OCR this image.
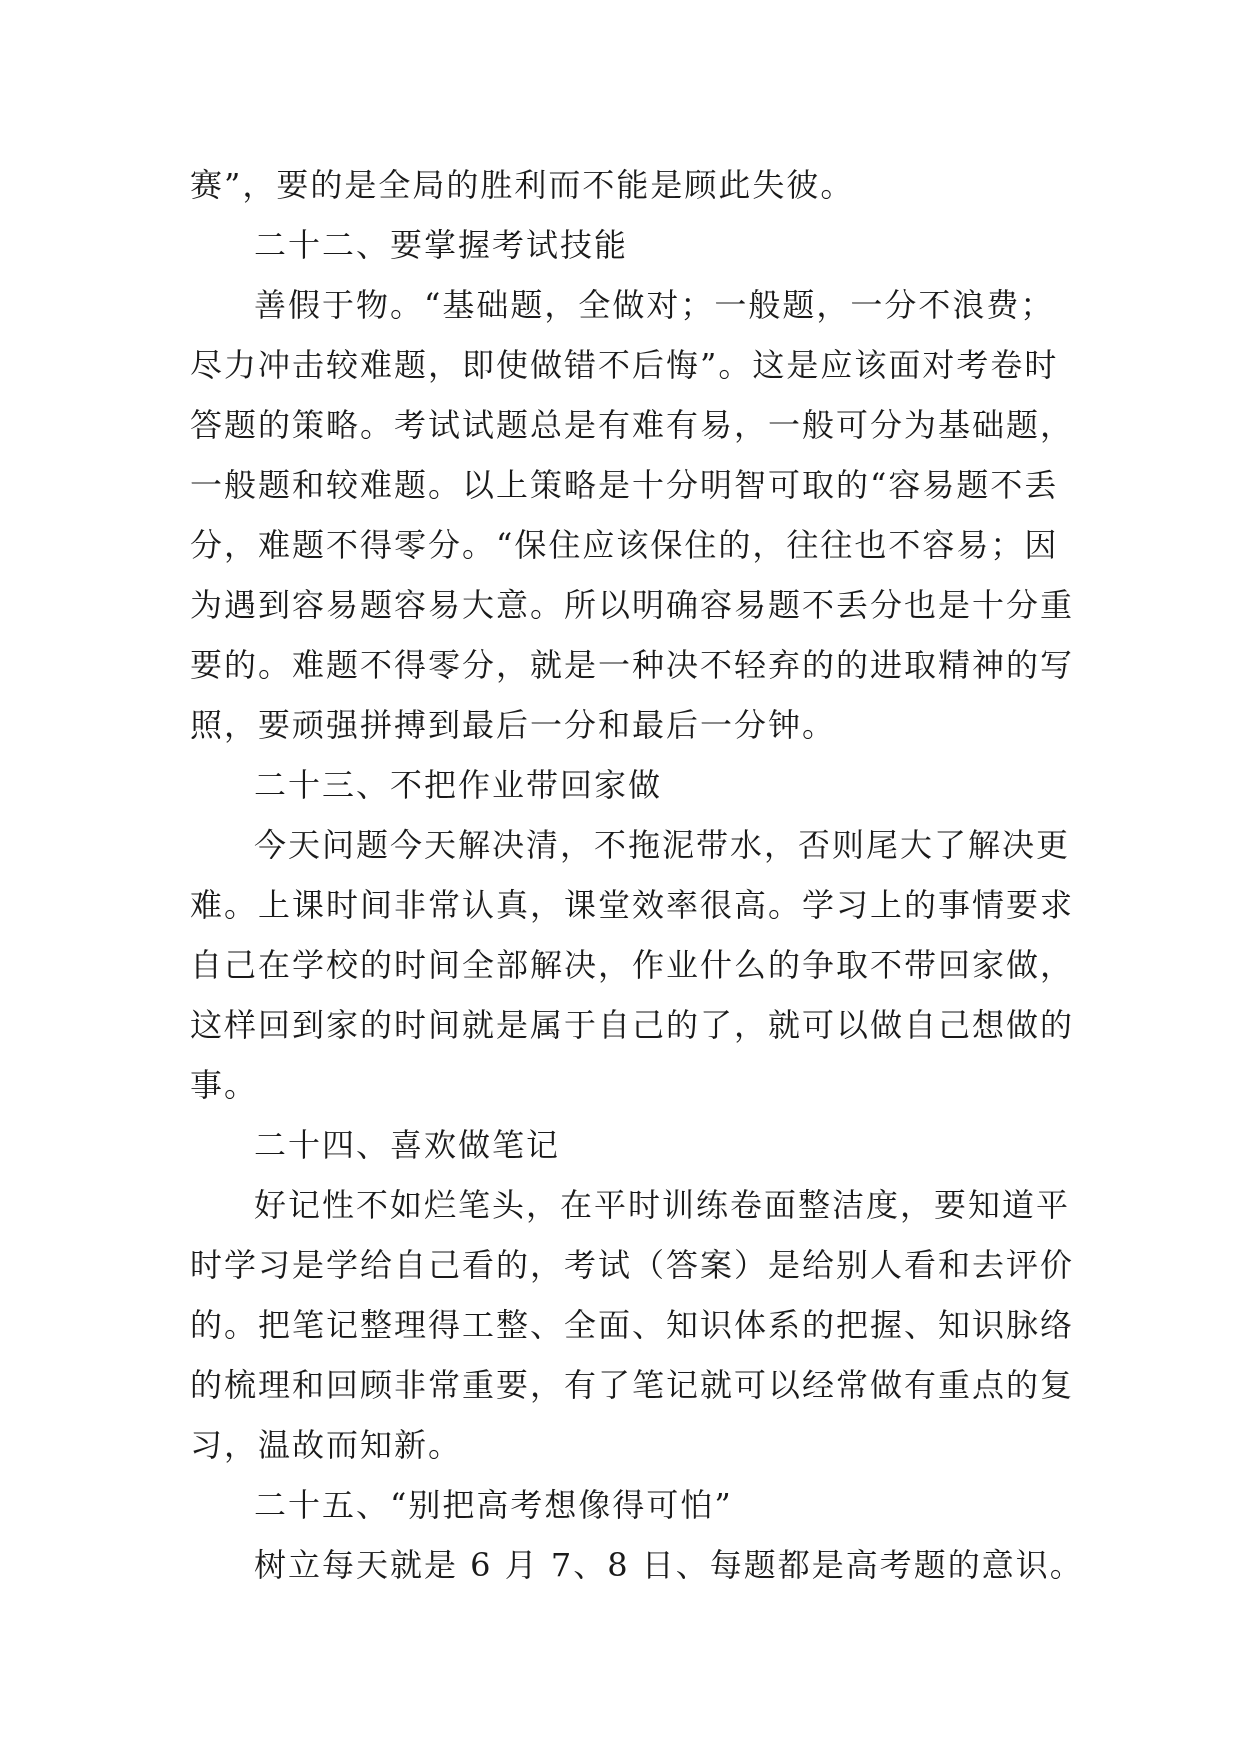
赛”，要的是全局的胜利而不能是顾此失彼。
二十二、要掌握考试技能
善假于物。“基础题，全做对；一般题，一分不浪费；
尽力冲击较难题，即使做错不后悔”。这是应该面对考卷时
答题的策略。考试试题总是有难有易，一般可分为基础题，
一般题和较难题。以上策略是十分明智可取的“容易题不丢
分，难题不得零分。“保住应该保住的，往往也不容易；因
为遇到容易题容易大意。所以明确容易题不丢分也是十分重
要的。难题不得零分，就是一种决不轻弃的的进取精神的写
照，要顽强拼搏到最后一分和最后一分钟。
二十三、不把作业带回家做
今天问题今天解决清，不拖泥带水，否则尾大了解决更
难。上课时间非常认真，课堂效率很高。学习上的事情要求
自己在学校的时间全部解决，作业什么的争取不带回家做，
这样回到家的时间就是属于自己的了，就可以做自己想做的
事。
二十四、喜欢做笔记
好记性不如烂笔头，在平时训练卷面整洁度，要知道平
时学习是学给自己看的，考试（答案）是给别人看和去评价
的。把笔记整理得工整、全面、知识体系的把握、知识脉络
的梳理和回顾非常重要，有了笔记就可以经常做有重点的复
习，温故而知新。
二十五、“别把高考想像得可怕”
树立每天就是 6 月 7、8 日、每题都是高考题的意识。
